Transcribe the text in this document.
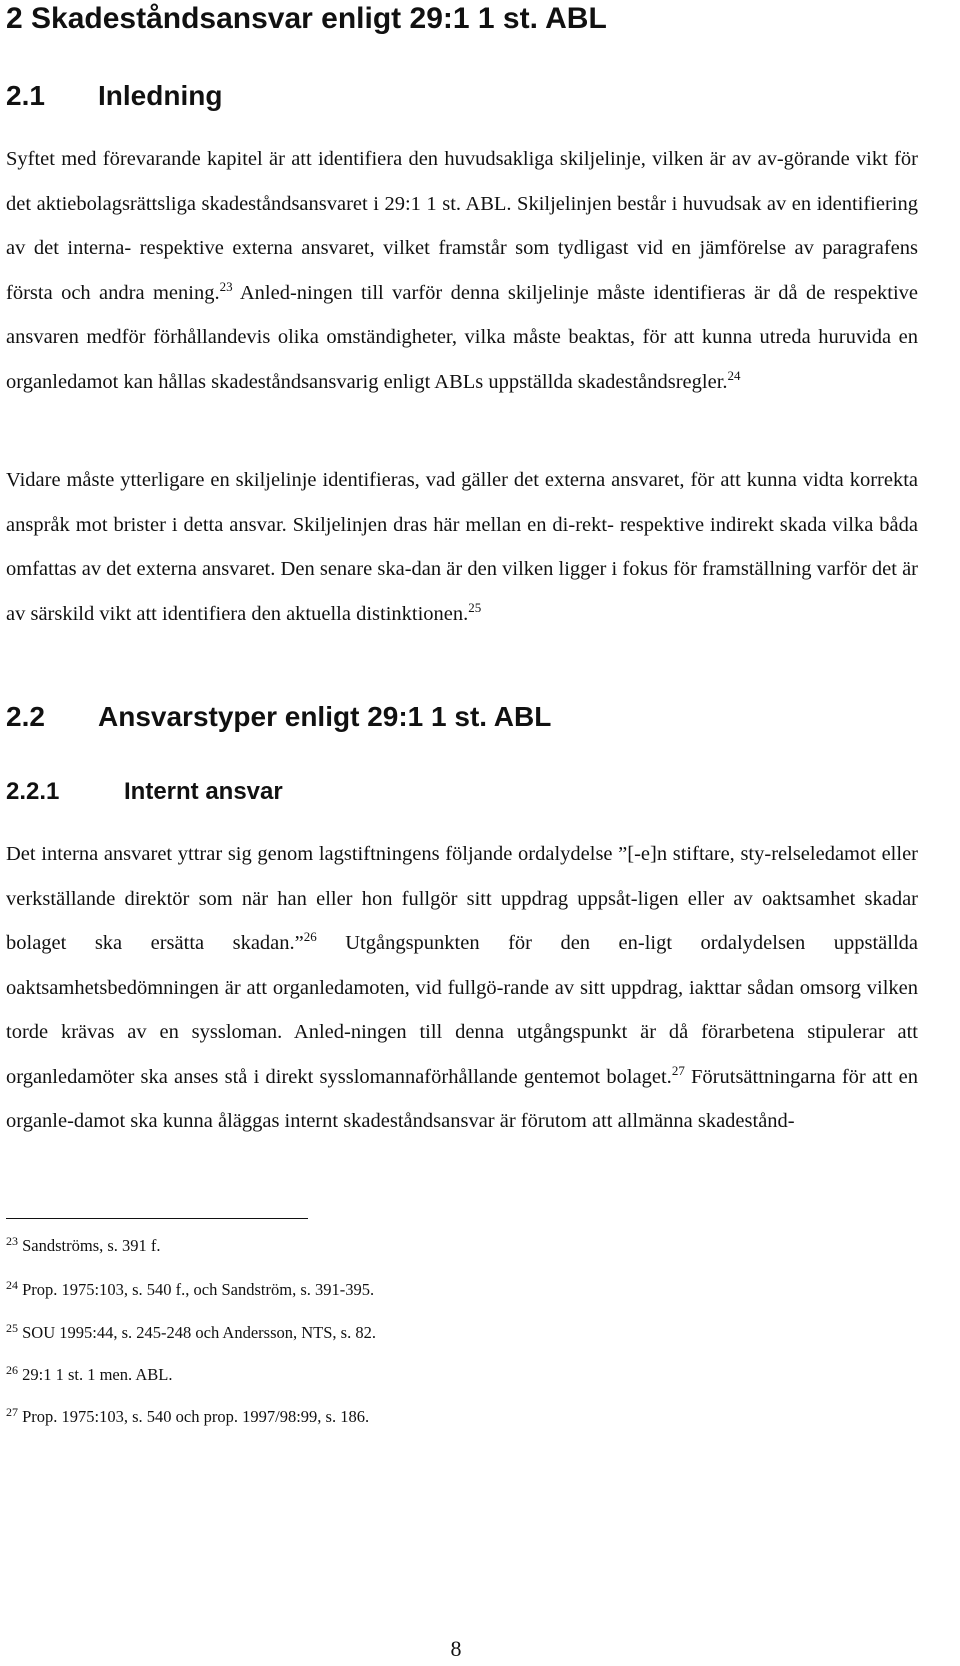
2 Skadeståndsansvar enligt 29:1 1 st. ABL
2.1 Inledning

Syftet med förevarande kapitel är att identifiera den huvudsakliga skiljelinje, vilken är av av-görande vikt för det aktiebolagsrättsliga skadeståndsansvaret i 29:1 1 st. ABL. Skiljelinjen består i huvudsak av en identifiering av det interna- respektive externa ansvaret, vilket framstår som tydligast vid en jämförelse av paragrafens första och andra mening.$^{23}$ Anled-ningen till varför denna skiljelinje måste identifieras är då de respektive ansvaren medför förhållandevis olika omständigheter, vilka måste beaktas, för att kunna utreda huruvida en organledamot kan hållas skadeståndsansvarig enligt ABLs uppställda skadeståndsregler.$^{24}$

Vidare måste ytterligare en skiljelinje identifieras, vad gäller det externa ansvaret, för att kunna vidta korrekta anspråk mot brister i detta ansvar. Skiljelinjen dras här mellan en di-rekt- respektive indirekt skada vilka båda omfattas av det externa ansvaret. Den senare ska-dan är den vilken ligger i fokus för framställning varför det är av särskild vikt att identifiera den aktuella distinktionen.$^{25}$

2.2 Ansvarstyper enligt 29:1 1 st. ABL
2.2.1	Internt ansvar

Det interna ansvaret yttrar sig genom lagstiftningens följande ordalydelse ”[-e]n stiftare, sty-relseledamot eller verkställande direktör som när han eller hon fullgör sitt uppdrag uppsåt-ligen eller av oaktsamhet skadar bolaget ska ersätta skadan.”$^{26}$ Utgångspunkten för den en-ligt ordalydelsen uppställda oaktsamhetsbedömningen är att organledamoten, vid fullgö-rande av sitt uppdrag, iakttar sådan omsorg vilken torde krävas av en syssloman. Anled-ningen till denna utgångspunkt är då förarbetena stipulerar att organledamöter ska anses stå i direkt sysslomannaförhållande gentemot bolaget.$^{27}$ Förutsättningarna för att en organle-damot ska kunna åläggas internt skadeståndsansvar är förutom att allmänna skadestånd-

$^{23}$ Sandströms, s. 391 f.

$^{24}$ Prop. 1975:103, s. 540 f., och Sandström, s. 391-395.

$^{25}$ SOU 1995:44, s. 245-248 och Andersson, NTS, s. 82.

$^{26}$ 29:1 1 st. 1 men. ABL.

$^{27}$ Prop. 1975:103, s. 540 och prop. 1997/98:99, s. 186.

8
